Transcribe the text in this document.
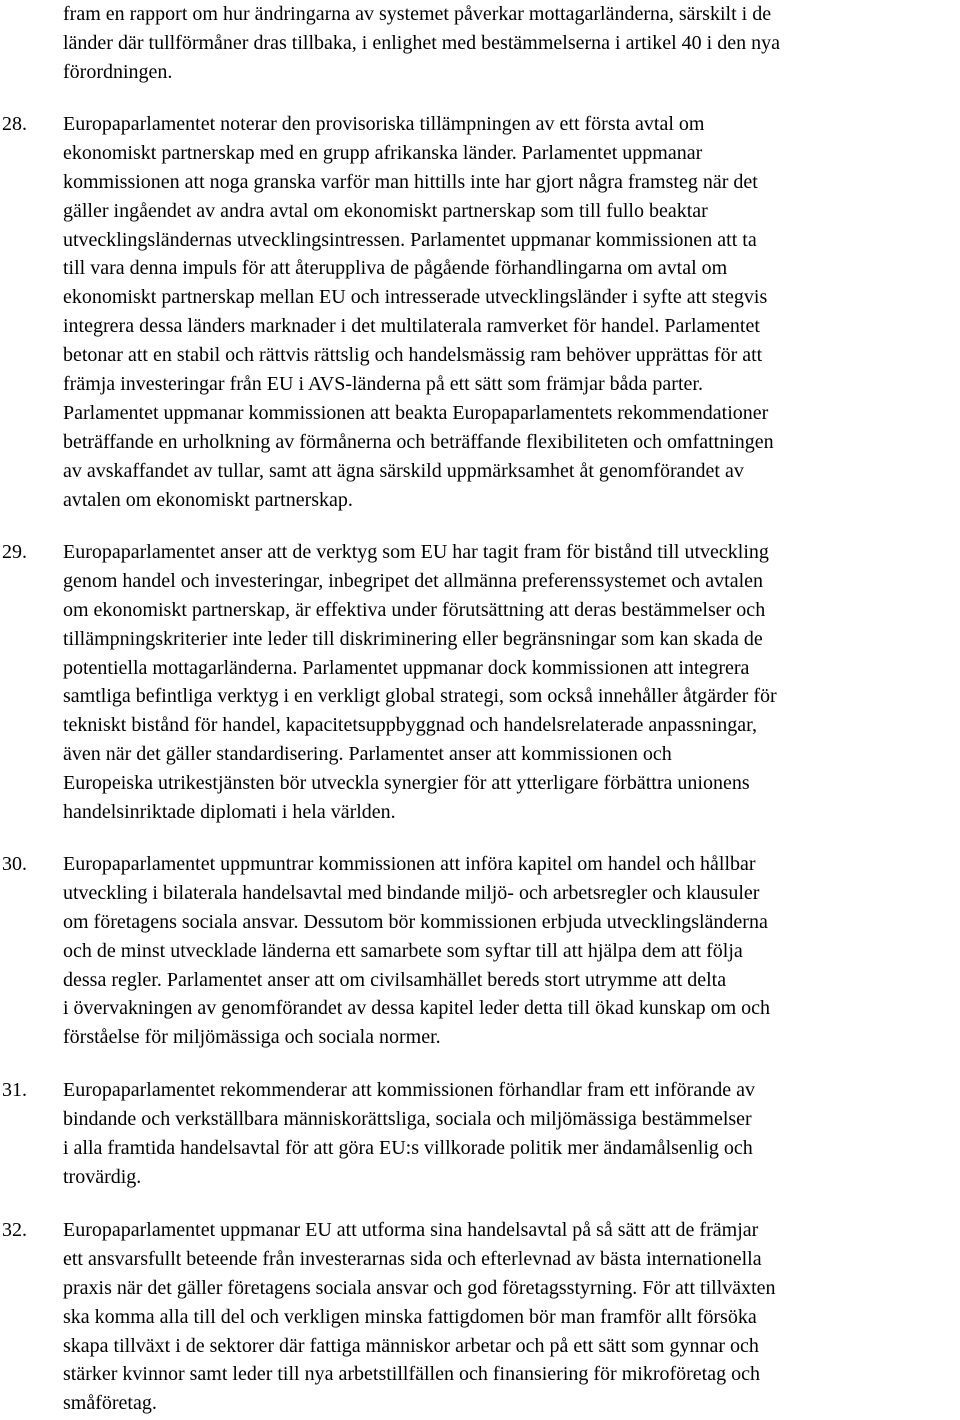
fram en rapport om hur ändringarna av systemet påverkar mottagarländerna, särskilt i de
länder där tullförmåner dras tillbaka, i enlighet med bestämmelserna i artikel 40 i den nya
förordningen.
28.	Europaparlamentet noterar den provisoriska tillämpningen av ett första avtal om
ekonomiskt partnerskap med en grupp afrikanska länder. Parlamentet uppmanar
kommissionen att noga granska varför man hittills inte har gjort några framsteg när det
gäller ingåendet av andra avtal om ekonomiskt partnerskap som till fullo beaktar
utvecklingsländernas utvecklingsintressen. Parlamentet uppmanar kommissionen att ta
till vara denna impuls för att återuppliva de pågående förhandlingarna om avtal om
ekonomiskt partnerskap mellan EU och intresserade utvecklingsländer i syfte att stegvis
integrera dessa länders marknader i det multilaterala ramverket för handel. Parlamentet
betonar att en stabil och rättvis rättslig och handelsmässig ram behöver upprättas för att
främja investeringar från EU i AVS-länderna på ett sätt som främjar båda parter.
Parlamentet uppmanar kommissionen att beakta Europaparlamentets rekommendationer
beträffande en urholkning av förmånerna och beträffande flexibiliteten och omfattningen
av avskaffandet av tullar, samt att ägna särskild uppmärksamhet åt genomförandet av
avtalen om ekonomiskt partnerskap.
29.	Europaparlamentet anser att de verktyg som EU har tagit fram för bistånd till utveckling
genom handel och investeringar, inbegripet det allmänna preferenssystemet och avtalen
om ekonomiskt partnerskap, är effektiva under förutsättning att deras bestämmelser och
tillämpningskriterier inte leder till diskriminering eller begränsningar som kan skada de
potentiella mottagarländerna. Parlamentet uppmanar dock kommissionen att integrera
samtliga befintliga verktyg i en verkligt global strategi, som också innehåller åtgärder för
tekniskt bistånd för handel, kapacitetsuppbyggnad och handelsrelaterade anpassningar,
även när det gäller standardisering. Parlamentet anser att kommissionen och
Europeiska utrikestjänsten bör utveckla synergier för att ytterligare förbättra unionens
handelsinriktade diplomati i hela världen.
30.	Europaparlamentet uppmuntrar kommissionen att införa kapitel om handel och hållbar
utveckling i bilaterala handelsavtal med bindande miljö- och arbetsregler och klausuler
om företagens sociala ansvar. Dessutom bör kommissionen erbjuda utvecklingsländerna
och de minst utvecklade länderna ett samarbete som syftar till att hjälpa dem att följa
dessa regler. Parlamentet anser att om civilsamhället bereds stort utrymme att delta
i övervakningen av genomförandet av dessa kapitel leder detta till ökad kunskap om och
förståelse för miljömässiga och sociala normer.
31.	Europaparlamentet rekommenderar att kommissionen förhandlar fram ett införande av
bindande och verkställbara människorättsliga, sociala och miljömässiga bestämmelser
i alla framtida handelsavtal för att göra EU:s villkorade politik mer ändamålsenlig och
trovärdig.
32.	Europaparlamentet uppmanar EU att utforma sina handelsavtal på så sätt att de främjar
ett ansvarsfullt beteende från investerarnas sida och efterlevnad av bästa internationella
praxis när det gäller företagens sociala ansvar och god företagsstyrning. För att tillväxten
ska komma alla till del och verkligen minska fattigdomen bör man framför allt försöka
skapa tillväxt i de sektorer där fattiga människor arbetar och på ett sätt som gynnar och
stärker kvinnor samt leder till nya arbetstillfällen och finansiering för mikroföretag och
småföretag.
